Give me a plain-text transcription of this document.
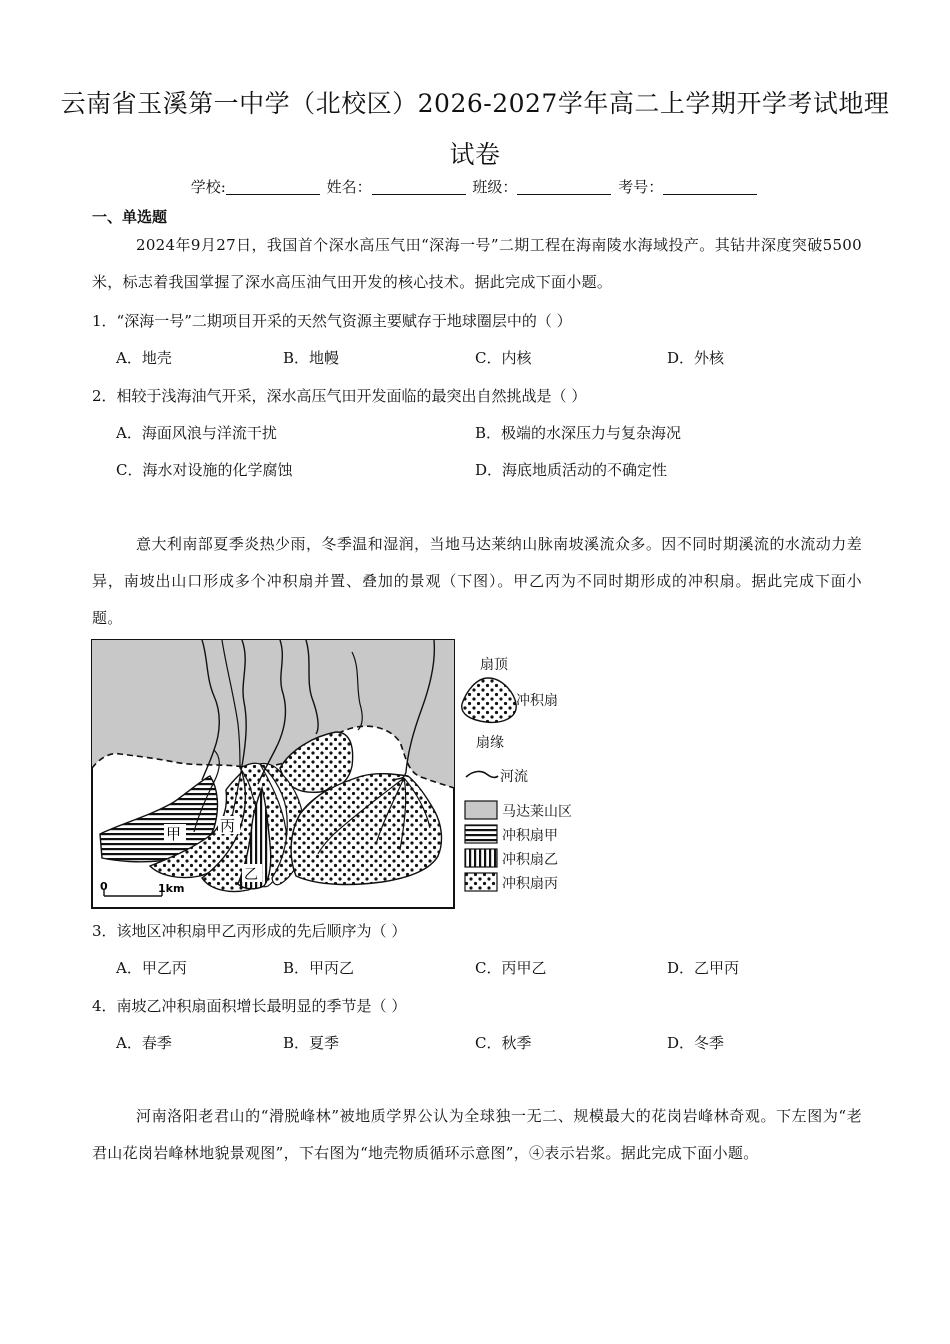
云南省玉溪第一中学（北校区）2026-2027学年高二上学期开学考试地理
试卷
学校:	姓名：	班级：	考号：
一、单选题
2024年9月27日，我国首个深水高压气田“深海一号”二期工程在海南陵水海域投产。其钻井深度突破5500米，标志着我国掌握了深水高压油气田开发的核心技术。据此完成下面小题。
1．“深海一号”二期项目开采的天然气资源主要赋存于地球圈层中的（ ）
A．地壳	B．地幔	C．内核	D．外核
2．相较于浅海油气开采，深水高压气田开发面临的最突出自然挑战是（ ）
A．海面风浪与洋流干扰	B．极端的水深压力与复杂海况
C．海水对设施的化学腐蚀	D．海底地质活动的不确定性
意大利南部夏季炎热少雨，冬季温和湿润，当地马达莱纳山脉南坡溪流众多。因不同时期溪流的水流动力差异，南坡出山口形成多个冲积扇并置、叠加的景观（下图）。甲乙丙为不同时期形成的冲积扇。据此完成下面小题。
甲	丙
乙
0	1km
扇顶
冲积扇
扇缘
河流
马达莱山区
冲积扇甲
冲积扇乙
冲积扇丙
3．该地区冲积扇甲乙丙形成的先后顺序为（ ）
A．甲乙丙	B．甲丙乙	C．丙甲乙	D．乙甲丙
4．南坡乙冲积扇面积增长最明显的季节是（ ）
A．春季	B．夏季	C．秋季	D．冬季
河南洛阳老君山的“滑脱峰林”被地质学界公认为全球独一无二、规模最大的花岗岩峰林奇观。下左图为“老君山花岗岩峰林地貌景观图”，下右图为“地壳物质循环示意图”，④表示岩浆。据此完成下面小题。
